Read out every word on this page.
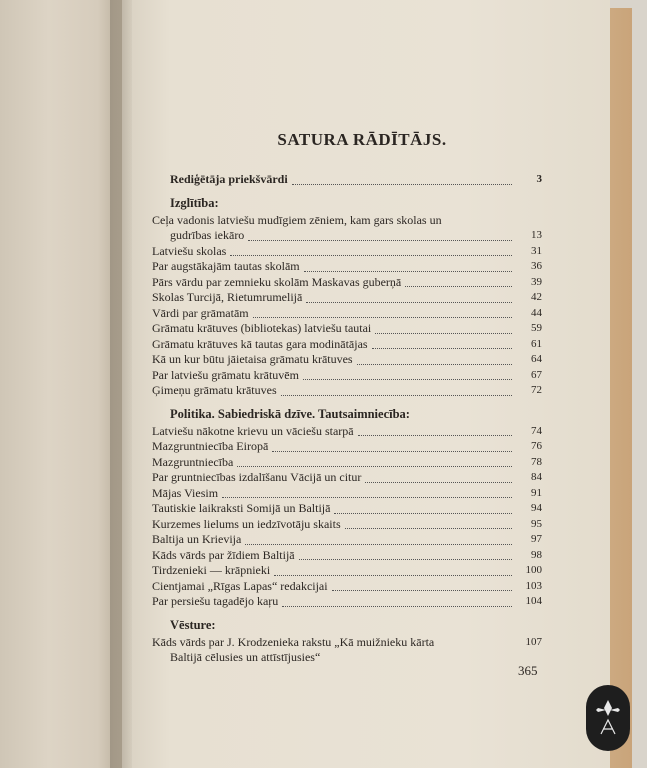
SATURA RĀDĪTĀJS.
Rediģētāja priekšvārdi	3
Izglītība:
Ceļa vadonis latviešu mudīgiem zēniem, kam gars skolas un
gudrības iekāro	13
Latviešu skolas	31
Par augstākajām tautas skolām	36
Pārs vārdu par zemnieku skolām Maskavas guberņā	39
Skolas Turcijā, Rietumrumelijā	42
Vārdi par grāmatām	44
Grāmatu krātuves (bibliotekas) latviešu tautai	59
Grāmatu krātuves kā tautas gara modinātājas	61
Kā un kur būtu jāietaisa grāmatu krātuves	64
Par latviešu grāmatu krātuvēm	67
Ģimeņu grāmatu krātuves	72
Politika. Sabiedriskā dzīve. Tautsaimniecība:
Latviešu nākotne krievu un vāciešu starpā	74
Mazgruntniecība Eiropā	76
Mazgruntniecība	78
Par gruntniecības izdalīšanu Vācijā un citur	84
Mājas Viesim	91
Tautiskie laikraksti Somijā un Baltijā	94
Kurzemes lielums un iedzīvotāju skaits	95
Baltija un Krievija	97
Kāds vārds par žīdiem Baltijā	98
Tirdzenieki — krāpnieki	100
Cientjamai „Rīgas Lapas“ redakcijai	103
Par persiešu tagadējo kaŗu	104
Vēsture:
Kāds vārds par J. Krodzenieka rakstu „Kā muižnieku kārta	107
Baltijā cēlusies un attīstījusies“
365
